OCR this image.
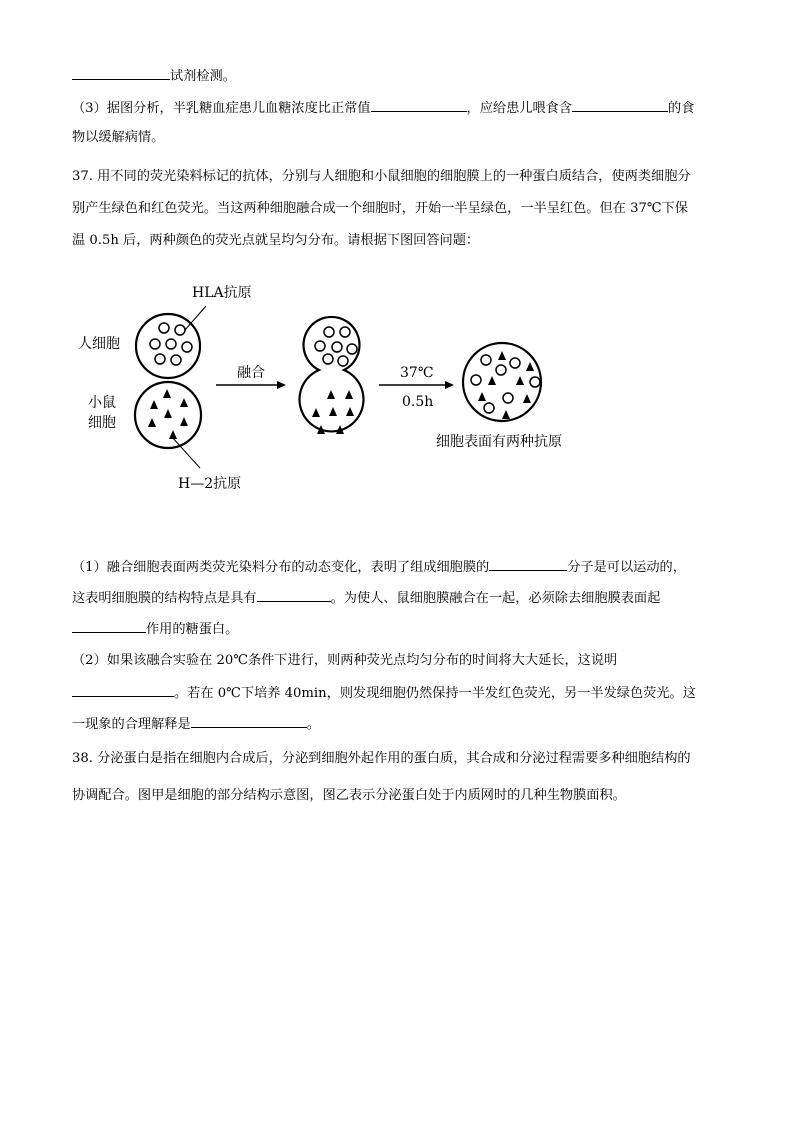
试剂检测。
（3）据图分析，半乳糖血症患儿血糖浓度比正常值	，应给患儿喂食含	的食
物以缓解病情。
37. 用不同的荧光染料标记的抗体，分别与人细胞和小鼠细胞的细胞膜上的一种蛋白质结合，使两类细胞分
别产生绿色和红色荧光。当这两种细胞融合成一个细胞时，开始一半呈绿色，一半呈红色。但在 37℃下保
温 0.5h 后，两种颜色的荧光点就呈均匀分布。请根据下图回答问题：
HLA抗原
人细胞
小鼠
细胞
融合	37℃
0.5h
H—2抗原
细胞表面有两种抗原
（1）融合细胞表面两类荧光染料分布的动态变化，表明了组成细胞膜的	分子是可以运动的，
这表明细胞膜的结构特点是具有	。为使人、鼠细胞膜融合在一起，必须除去细胞膜表面起
作用的糖蛋白。
（2）如果该融合实验在 20℃条件下进行，则两种荧光点均匀分布的时间将大大延长，这说明
。若在 0℃下培养 40min，则发现细胞仍然保持一半发红色荧光，另一半发绿色荧光。这
一现象的合理解释是	。
38. 分泌蛋白是指在细胞内合成后，分泌到细胞外起作用的蛋白质，其合成和分泌过程需要多种细胞结构的
协调配合。图甲是细胞的部分结构示意图，图乙表示分泌蛋白处于内质网时的几种生物膜面积。
